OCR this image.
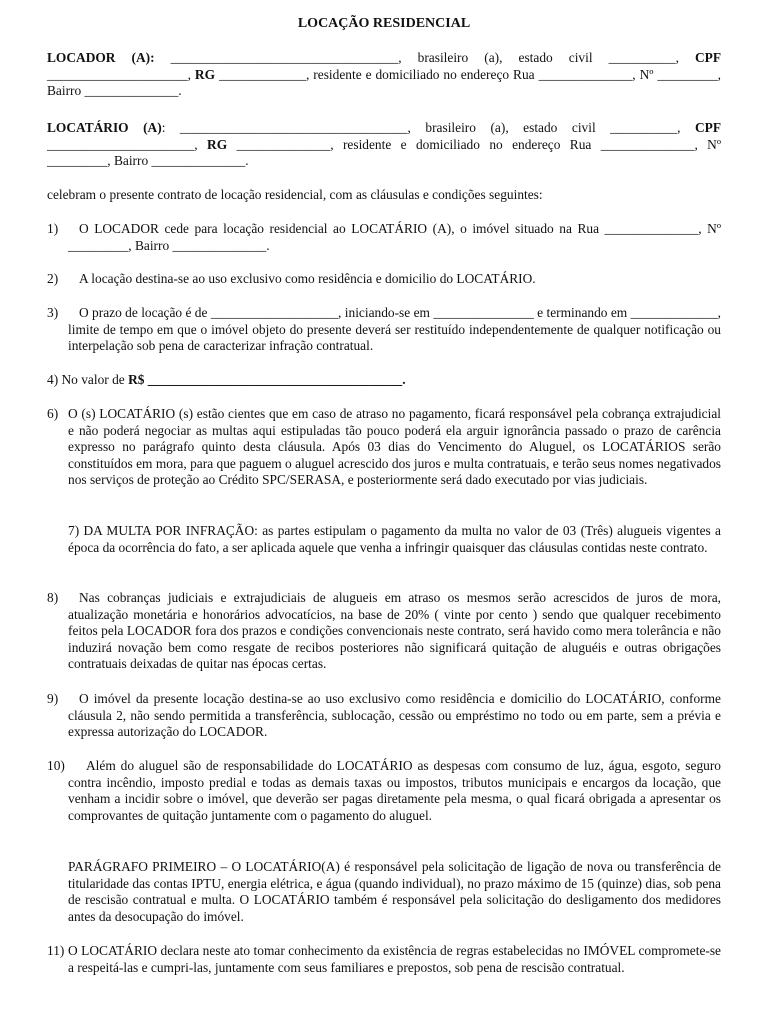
LOCAÇÃO RESIDENCIAL

LOCADOR (A): __________________________________, brasileiro (a), estado civil __________, CPF _____________________, RG _____________, residente e domiciliado no endereço Rua ______________, Nº _________, Bairro ______________.

LOCATÁRIO (A): __________________________________, brasileiro (a), estado civil __________, CPF ______________________, RG ______________, residente e domiciliado no endereço Rua ______________, Nº _________, Bairro ______________.

celebram o presente contrato de locação residencial, com as cláusulas e condições seguintes:

1)	O LOCADOR cede para locação residencial ao LOCATÁRIO (A), o imóvel situado na Rua ______________, Nº _________, Bairro ______________.

2)	A locação destina-se ao uso exclusivo como residência e domicilio do LOCATÁRIO.

3)	O prazo de locação é de ___________________, iniciando-se em _______________ e terminando em _____________, limite de tempo em que o imóvel objeto do presente deverá ser restituído independentemente de qualquer notificação ou interpelação sob pena de caracterizar infração contratual.

4) No valor de R$ ______________________________________.

6) O (s) LOCATÁRIO (s) estão cientes que em caso de atraso no pagamento, ficará responsável pela cobrança extrajudicial e não poderá negociar as multas aqui estipuladas tão pouco poderá ela arguir ignorância passado o prazo de carência expresso no parágrafo quinto desta cláusula. Após 03 dias do Vencimento do Aluguel, os LOCATÁRIOS serão constituídos em mora, para que paguem o aluguel acrescido dos juros e multa contratuais, e terão seus nomes negativados nos serviços de proteção ao Crédito SPC/SERASA, e posteriormente será dado executado por vias judiciais.

7) DA MULTA POR INFRAÇÃO: as partes estipulam o pagamento da multa no valor de 03 (Três) alugueis vigentes a época da ocorrência do fato, a ser aplicada aquele que venha a infringir quaisquer das cláusulas contidas neste contrato.

8)	Nas cobranças judiciais e extrajudiciais de alugueis em atraso os mesmos serão acrescidos de juros de mora, atualização monetária e honorários advocatícios, na base de 20% ( vinte por cento ) sendo que qualquer recebimento feitos pela LOCADOR fora dos prazos e condições convencionais neste contrato, será havido como mera tolerância e não induzirá novação bem como resgate de recibos posteriores não significará quitação de aluguéis e outras obrigações contratuais deixadas de quitar nas épocas certas.

9)	O imóvel da presente locação destina-se ao uso exclusivo como residência e domicilio do LOCATÁRIO, conforme cláusula 2, não sendo permitida a transferência, sublocação, cessão ou empréstimo no todo ou em parte, sem a prévia e expressa autorização do LOCADOR.

10)	Além do aluguel são de responsabilidade do LOCATÁRIO as despesas com consumo de luz, água, esgoto, seguro contra incêndio, imposto predial e todas as demais taxas ou impostos, tributos municipais e encargos da locação, que venham a incidir sobre o imóvel, que deverão ser pagas diretamente pela mesma, o qual ficará obrigada a apresentar os comprovantes de quitação juntamente com o pagamento do aluguel.

PARÁGRAFO PRIMEIRO – O LOCATÁRIO(A) é responsável pela solicitação de ligação de nova ou transferência de titularidade das contas IPTU, energia elétrica, e água (quando individual), no prazo máximo de 15 (quinze) dias, sob pena de rescisão contratual e multa. O LOCATÁRIO também é responsável pela solicitação do desligamento dos medidores antes da desocupação do imóvel.

11) O LOCATÁRIO declara neste ato tomar conhecimento da existência de regras estabelecidas no IMÓVEL compromete-se a respeitá-las e cumpri-las, juntamente com seus familiares e prepostos, sob pena de rescisão contratual.
